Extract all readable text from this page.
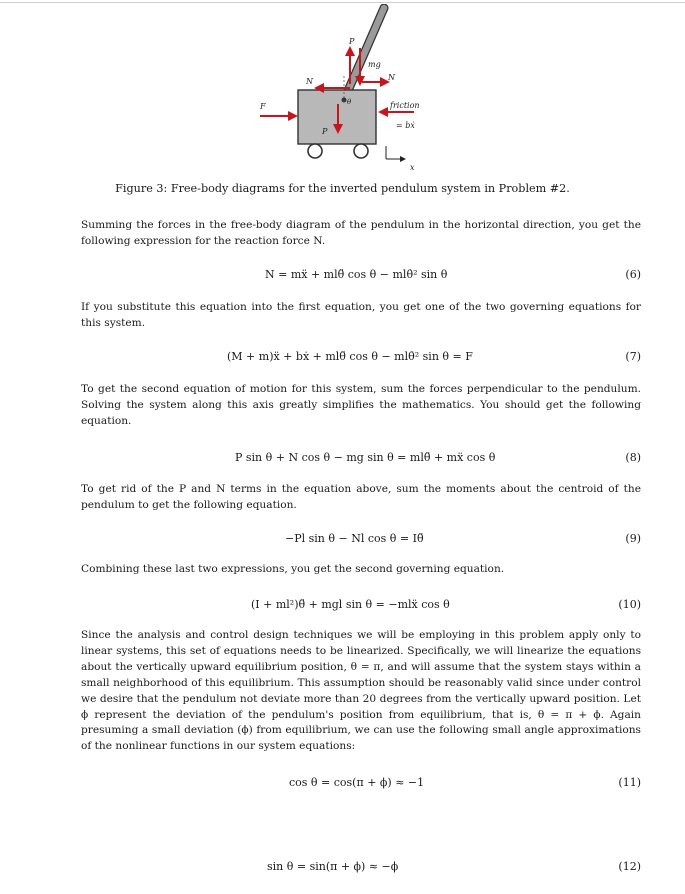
P
mg
N	N
θ
F
P
friction
= bẋ
x
Figure 3: Free-body diagrams for the inverted pendulum system in Problem #2.

Summing the forces in the free-body diagram of the pendulum in the horizontal direction, you get the following expression for the reaction force N.

N = mẍ + mlθ̈ cos θ − mlθ̇² sin θ	(6)

If you substitute this equation into the first equation, you get one of the two governing equations for this system.

(M + m)ẍ + bẋ + mlθ̈ cos θ − mlθ̇² sin θ = F	(7)

To get the second equation of motion for this system, sum the forces perpendicular to the pendulum. Solving the system along this axis greatly simplifies the mathematics. You should get the following equation.

P sin θ + N cos θ − mg sin θ = mlθ̈ + mẍ cos θ	(8)

To get rid of the P and N terms in the equation above, sum the moments about the centroid of the pendulum to get the following equation.

−Pl sin θ − Nl cos θ = Iθ̈	(9)

Combining these last two expressions, you get the second governing equation.

(I + ml²)θ̈ + mgl sin θ = −mlẍ cos θ	(10)

Since the analysis and control design techniques we will be employing in this problem apply only to linear systems, this set of equations needs to be linearized. Specifically, we will linearize the equations about the vertically upward equilibrium position, θ = π, and will assume that the system stays within a small neighborhood of this equilibrium. This assumption should be reasonably valid since under control we desire that the pendulum not deviate more than 20 degrees from the vertically upward position. Let ϕ represent the deviation of the pendulum's position from equilibrium, that is, θ = π + ϕ. Again presuming a small deviation (ϕ) from equilibrium, we can use the following small angle approximations of the nonlinear functions in our system equations:

cos θ = cos(π + ϕ) ≈ −1	(11)
sin θ = sin(π + ϕ) ≈ −ϕ	(12)
